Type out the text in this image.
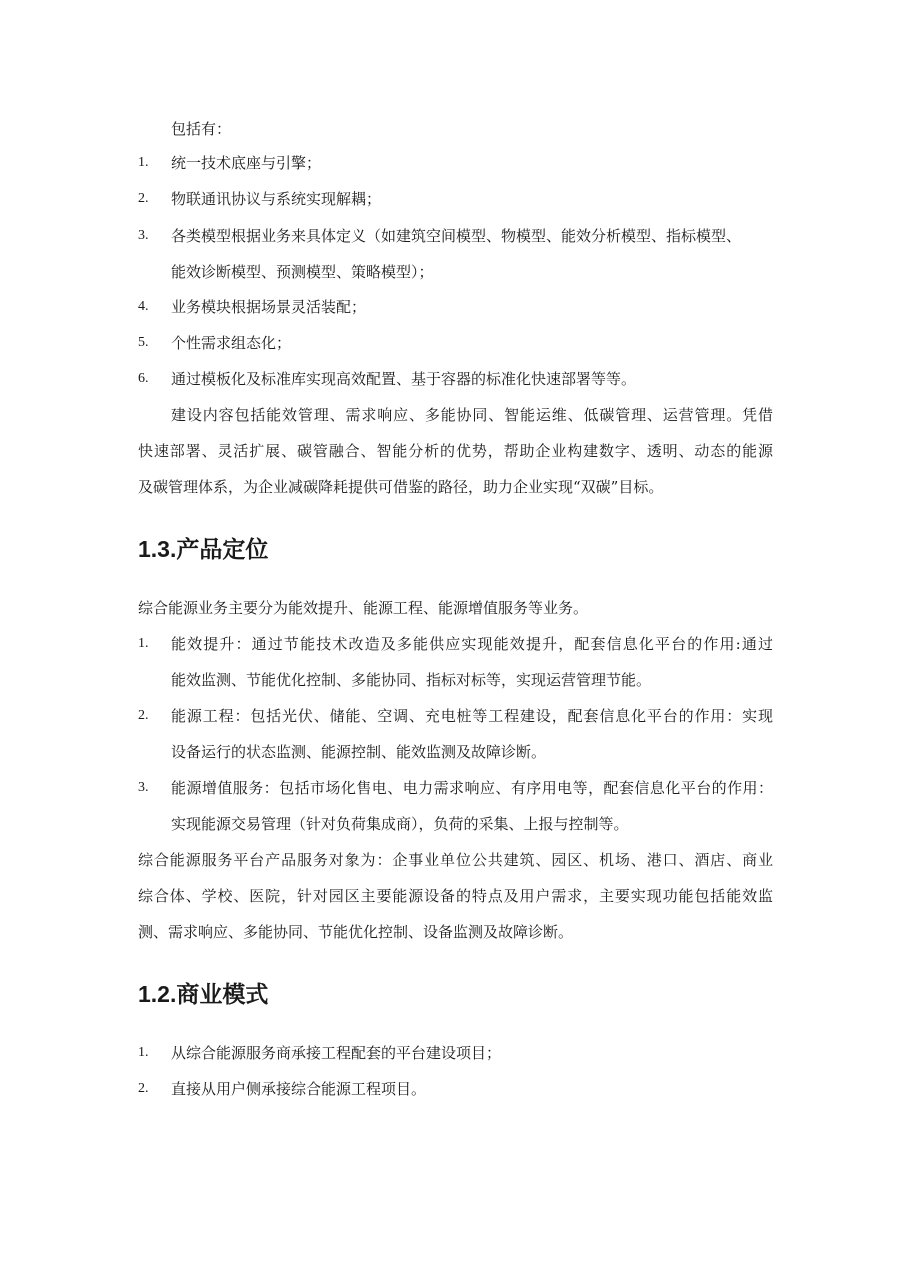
包括有：
1. 统一技术底座与引擎；
2. 物联通讯协议与系统实现解耦；
3. 各类模型根据业务来具体定义（如建筑空间模型、物模型、能效分析模型、指标模型、
能效诊断模型、预测模型、策略模型）；
4. 业务模块根据场景灵活装配；
5. 个性需求组态化；
6. 通过模板化及标准库实现高效配置、基于容器的标准化快速部署等等。
建设内容包括能效管理、需求响应、多能协同、智能运维、低碳管理、运营管理。凭借
快速部署、灵活扩展、碳管融合、智能分析的优势，帮助企业构建数字、透明、动态的能源
及碳管理体系，为企业减碳降耗提供可借鉴的路径，助力企业实现“双碳”目标。
1.3.产品定位
综合能源业务主要分为能效提升、能源工程、能源增值服务等业务。
1. 能效提升：通过节能技术改造及多能供应实现能效提升，配套信息化平台的作用:通过
能效监测、节能优化控制、多能协同、指标对标等，实现运营管理节能。
2. 能源工程：包括光伏、储能、空调、充电桩等工程建设，配套信息化平台的作用：实现
设备运行的状态监测、能源控制、能效监测及故障诊断。
3. 能源增值服务：包括市场化售电、电力需求响应、有序用电等，配套信息化平台的作用：
实现能源交易管理（针对负荷集成商），负荷的采集、上报与控制等。
综合能源服务平台产品服务对象为：企事业单位公共建筑、园区、机场、港口、酒店、商业
综合体、学校、医院，针对园区主要能源设备的特点及用户需求，主要实现功能包括能效监
测、需求响应、多能协同、节能优化控制、设备监测及故障诊断。
1.2.商业模式
1. 从综合能源服务商承接工程配套的平台建设项目；
2. 直接从用户侧承接综合能源工程项目。
